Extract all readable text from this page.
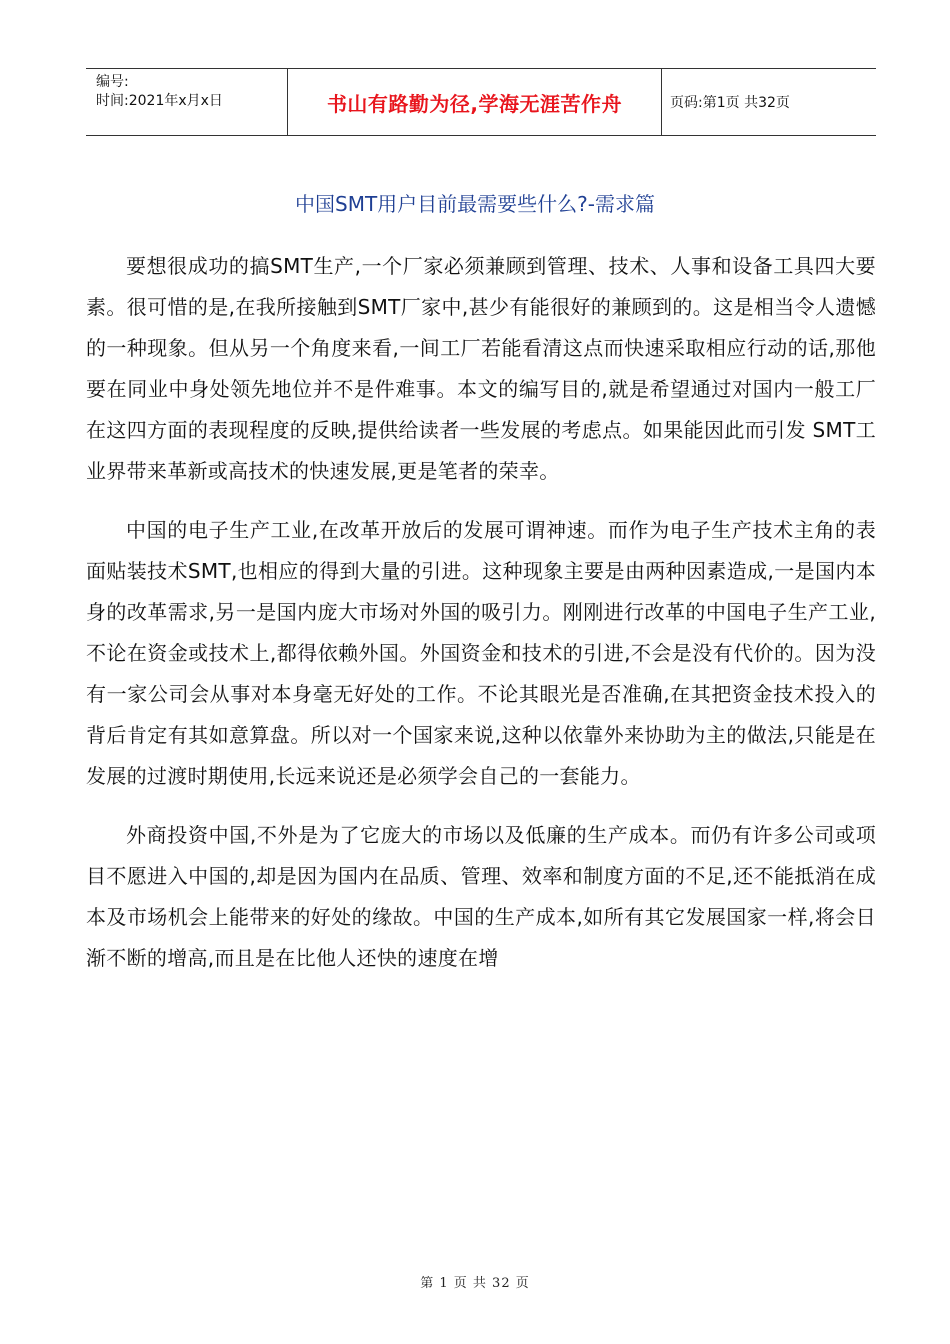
编号:
时间:2021年x月x日	书山有路勤为径,学海无涯苦作舟	页码:第1页 共32页
中国SMT用户目前最需要些什么?-需求篇

要想很成功的搞SMT生产,一个厂家必须兼顾到管理、技术、人事和设备工具四大要素。很可惜的是,在我所接触到SMT厂家中,甚少有能很好的兼顾到的。这是相当令人遗憾的一种现象。但从另一个角度来看,一间工厂若能看清这点而快速采取相应行动的话,那他要在同业中身处领先地位并不是件难事。本文的编写目的,就是希望通过对国内一般工厂在这四方面的表现程度的反映,提供给读者一些发展的考虑点。如果能因此而引发 SMT工业界带来革新或高技术的快速发展,更是笔者的荣幸。

中国的电子生产工业,在改革开放后的发展可谓神速。而作为电子生产技术主角的表面贴装技术SMT,也相应的得到大量的引进。这种现象主要是由两种因素造成,一是国内本身的改革需求,另一是国内庞大市场对外国的吸引力。刚刚进行改革的中国电子生产工业,不论在资金或技术上,都得依赖外国。外国资金和技术的引进,不会是没有代价的。因为没有一家公司会从事对本身毫无好处的工作。不论其眼光是否准确,在其把资金技术投入的背后肯定有其如意算盘。所以对一个国家来说,这种以依靠外来协助为主的做法,只能是在发展的过渡时期使用,长远来说还是必须学会自己的一套能力。

外商投资中国,不外是为了它庞大的市场以及低廉的生产成本。而仍有许多公司或项目不愿进入中国的,却是因为国内在品质、管理、效率和制度方面的不足,还不能抵消在成本及市场机会上能带来的好处的缘故。中国的生产成本,如所有其它发展国家一样,将会日渐不断的增高,而且是在比他人还快的速度在增

第 1 页 共 32 页
